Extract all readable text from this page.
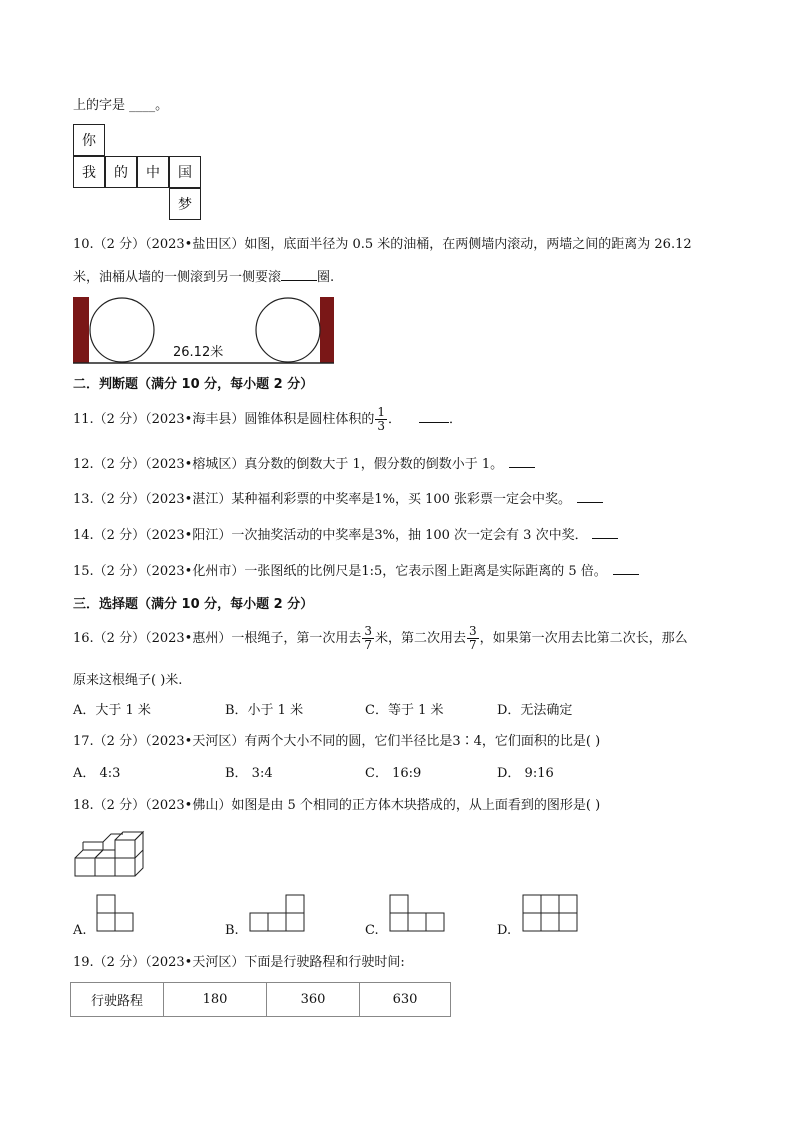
上的字是 ____。
你
我	的	中	国
梦
10.（2 分）（2023•盐田区）如图，底面半径为 0.5 米的油桶，在两侧墙内滚动，两墙之间的距离为 26.12
米，油桶从墙的一侧滚到另一侧要滚	圈.
26.12米
二．判断题（满分 10 分，每小题 2 分）
11.（2 分）（2023•海丰县）圆锥体积是圆柱体积的 $\frac{1}{3}$ ．	．
12.（2 分）（2023•榕城区）真分数的倒数大于 1，假分数的倒数小于 1。
13.（2 分）（2023•湛江）某种福利彩票的中奖率是1%，买 100 张彩票一定会中奖。
14.（2 分）（2023•阳江）一次抽奖活动的中奖率是3%，抽 100 次一定会有 3 次中奖．
15.（2 分）（2023•化州市）一张图纸的比例尺是1:5，它表示图上距离是实际距离的 5 倍。
三．选择题（满分 10 分，每小题 2 分）
16.（2 分）（2023•惠州）一根绳子，第一次用去 $\frac{3}{7}$ 米，第二次用去 $\frac{3}{7}$ ，如果第一次用去比第二次长，那么
原来这根绳子( )米.
A．大于 1 米	B．小于 1 米	C．等于 1 米	D．无法确定
17.（2 分）（2023•天河区）有两个大小不同的圆，它们半径比是3∶4，它们面积的比是( )
A． 4:3	B． 3:4	C． 16:9	D． 9:16
18.（2 分）（2023•佛山）如图是由 5 个相同的正方体木块搭成的，从上面看到的图形是( )
A.	B.	C.	D.
19.（2 分）（2023•天河区）下面是行驶路程和行驶时间:
行驶路程	180	360	630
